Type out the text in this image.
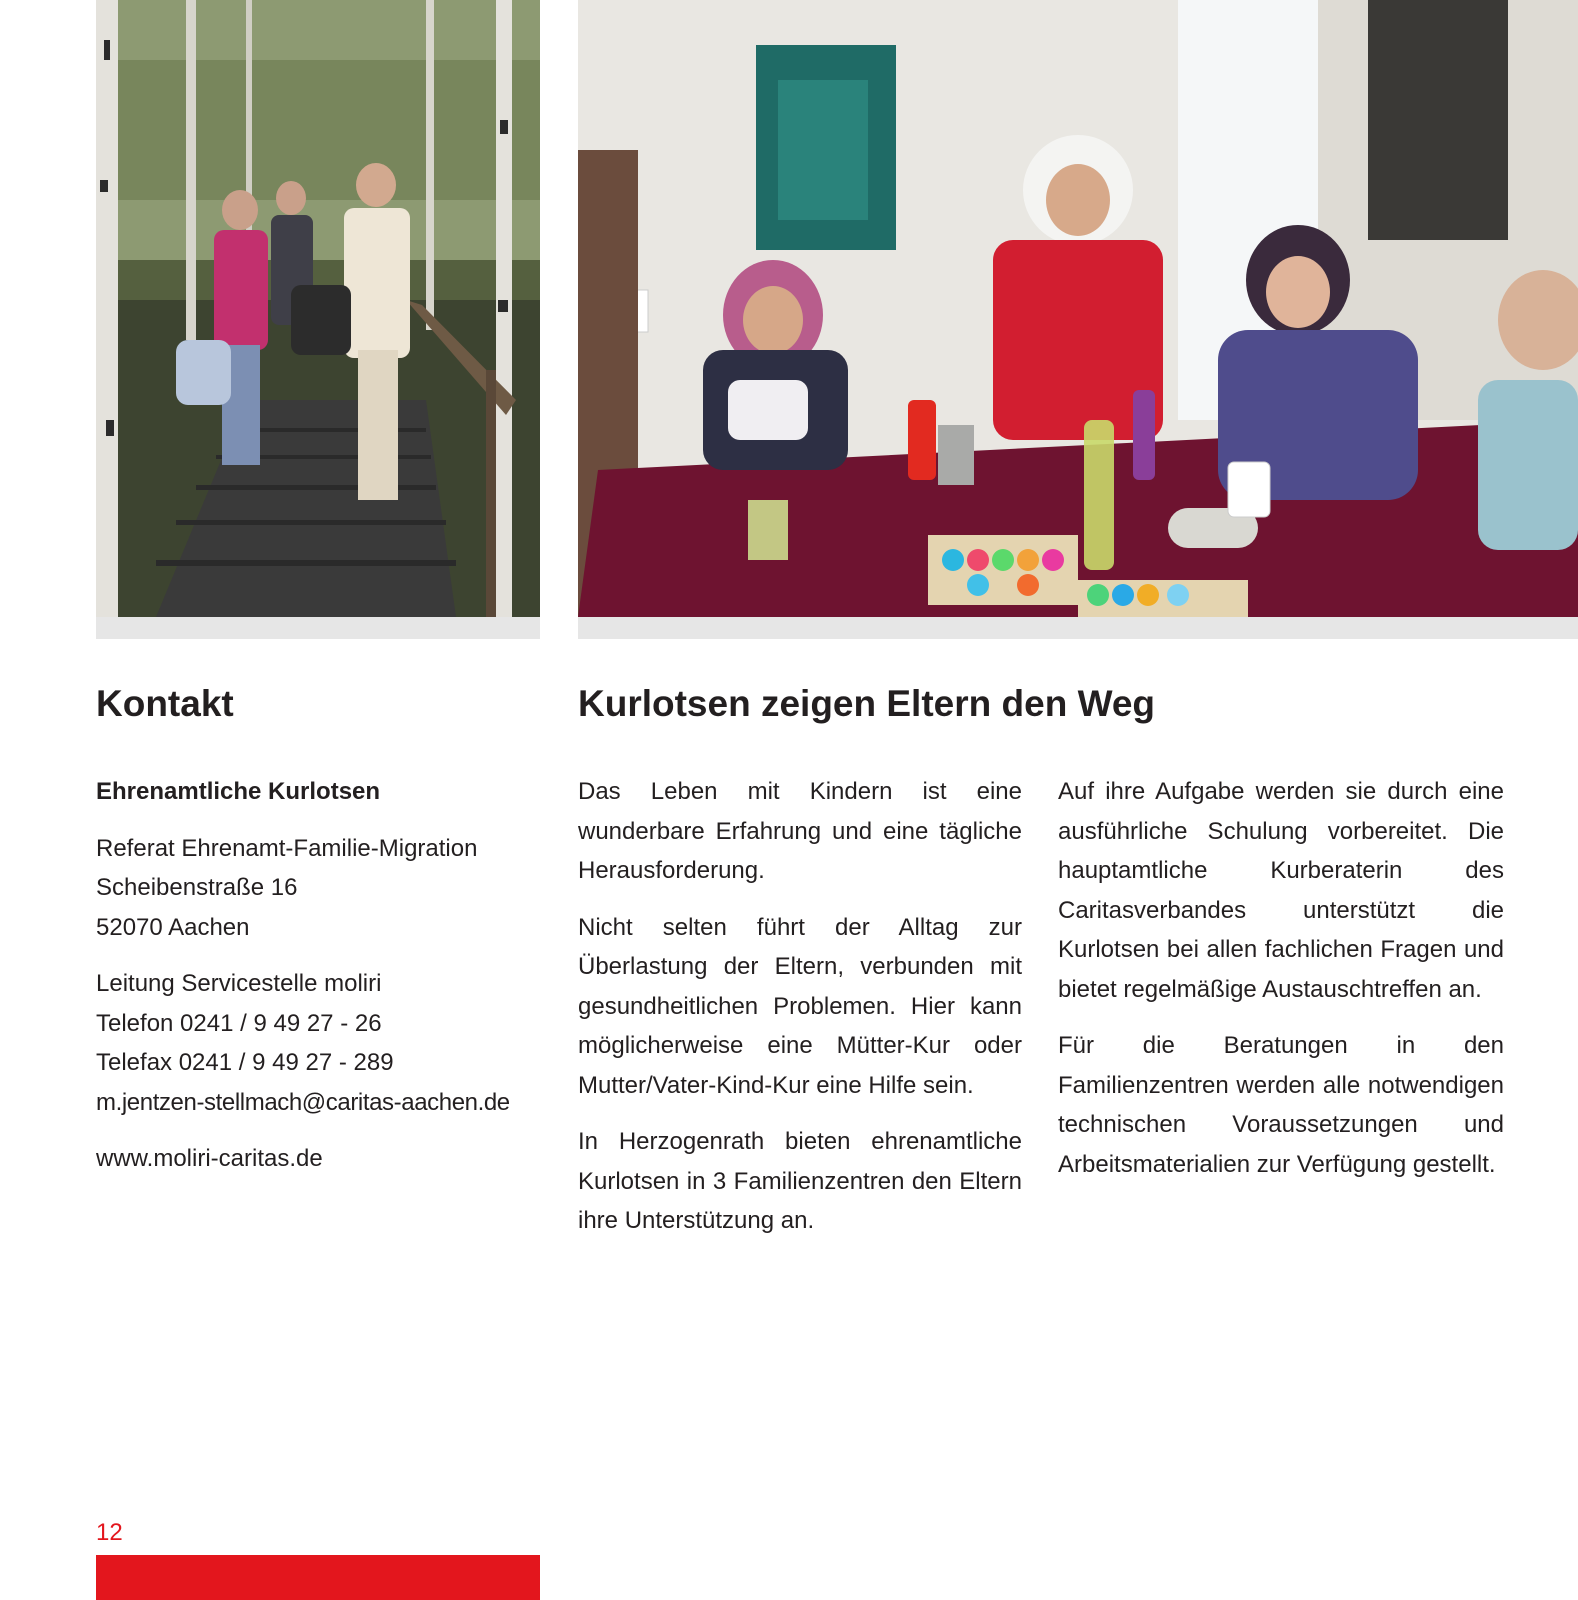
Kontakt

Ehrenamtliche Kurlotsen

Referat Ehrenamt-Familie-Migration
Scheibenstraße 16
52070 Aachen

Leitung Servicestelle moliri
Telefon 0241 / 9 49 27 - 26
Telefax 0241 / 9 49 27 - 289
m.jentzen-stellmach@caritas-aachen.de

www.moliri-caritas.de

Kurlotsen zeigen Eltern den Weg

Das Leben mit Kindern ist eine wunderbare Erfahrung und eine tägliche Herausforderung.

Nicht selten führt der Alltag zur Überlastung der Eltern, verbunden mit gesundheitlichen Problemen. Hier kann möglicherweise eine Mütter-Kur oder Mutter/Vater-Kind-Kur eine Hilfe sein.

In Herzogenrath bieten ehrenamtliche Kurlotsen in 3 Familienzentren den Eltern ihre Unterstützung an.

Auf ihre Aufgabe werden sie durch eine ausführliche Schulung vorbereitet. Die hauptamtliche Kurberaterin des Caritasverbandes unterstützt die Kurlotsen bei allen fachlichen Fragen und bietet regelmäßige Austauschtreffen an.

Für die Beratungen in den Familienzentren werden alle notwendigen technischen Voraussetzungen und Arbeitsmaterialien zur Verfügung gestellt.

12
